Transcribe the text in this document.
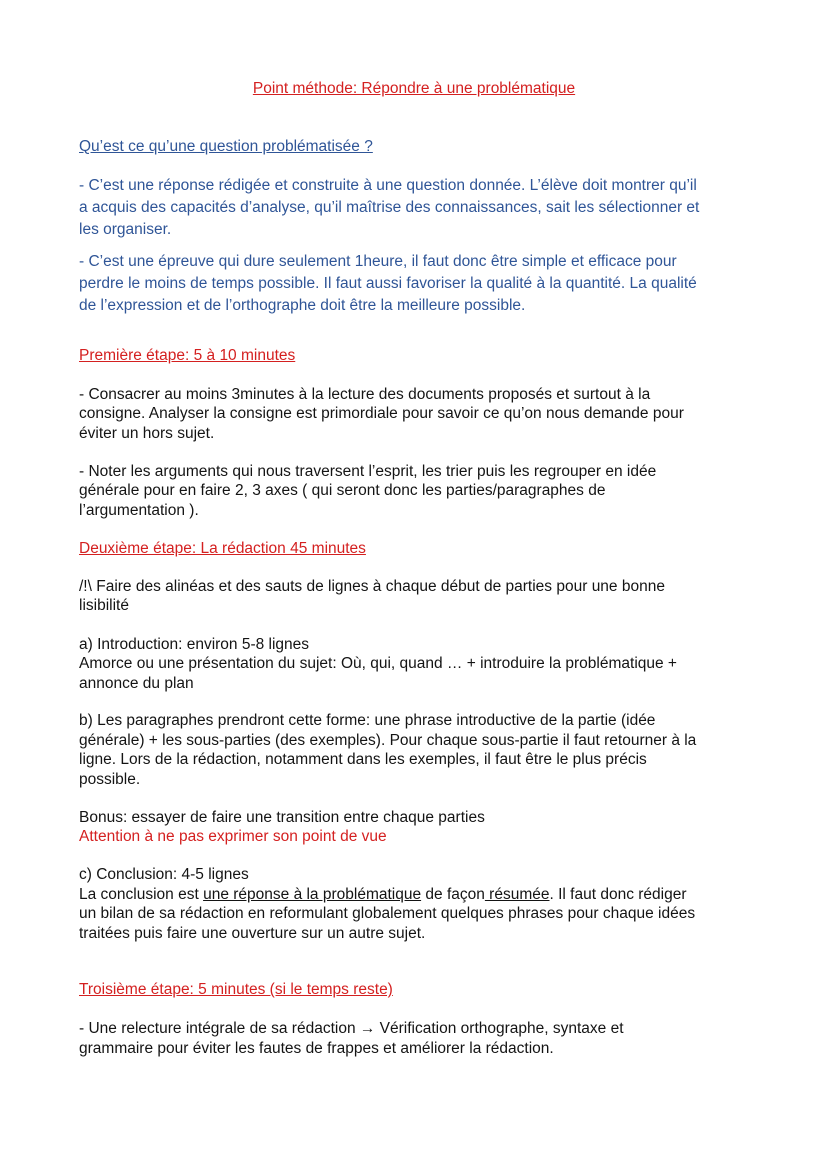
Point méthode: Répondre à une problématique

Qu’est ce qu’une question problématisée ?

- C’est une réponse rédigée et construite à une question donnée. L’élève doit montrer qu’il

a acquis des capacités d’analyse, qu’il maîtrise des connaissances, sait les sélectionner et

les organiser.

- C’est une épreuve qui dure seulement 1heure, il faut donc être simple et efficace pour

perdre le moins de temps possible. Il faut aussi favoriser la qualité à la quantité. La qualité

de l’expression et de l’orthographe doit être la meilleure possible.

Première étape: 5 à 10 minutes

- Consacrer au moins 3minutes à la lecture des documents proposés et surtout à la

consigne. Analyser la consigne est primordiale pour savoir ce qu’on nous demande pour

éviter un hors sujet.

- Noter les arguments qui nous traversent l’esprit, les trier puis les regrouper en idée

générale pour en faire 2, 3 axes ( qui seront donc les parties/paragraphes de

l’argumentation ).

Deuxième étape: La rédaction 45 minutes

/!\ Faire des alinéas et des sauts de lignes à chaque début de parties pour une bonne

lisibilité

a) Introduction: environ 5-8 lignes

Amorce ou une présentation du sujet: Où, qui, quand … + introduire la problématique +

annonce du plan

b) Les paragraphes prendront cette forme: une phrase introductive de la partie (idée

générale) + les sous-parties (des exemples). Pour chaque sous-partie il faut retourner à la

ligne. Lors de la rédaction, notamment dans les exemples, il faut être le plus précis

possible.

Bonus: essayer de faire une transition entre chaque parties

Attention à ne pas exprimer son point de vue

c) Conclusion: 4-5 lignes

La conclusion est une réponse à la problématique de façon résumée. Il faut donc rédiger

un bilan de sa rédaction en reformulant globalement quelques phrases pour chaque idées

traitées puis faire une ouverture sur un autre sujet.

Troisième étape: 5 minutes (si le temps reste)

- Une relecture intégrale de sa rédaction → Vérification orthographe, syntaxe et

grammaire pour éviter les fautes de frappes et améliorer la rédaction.
